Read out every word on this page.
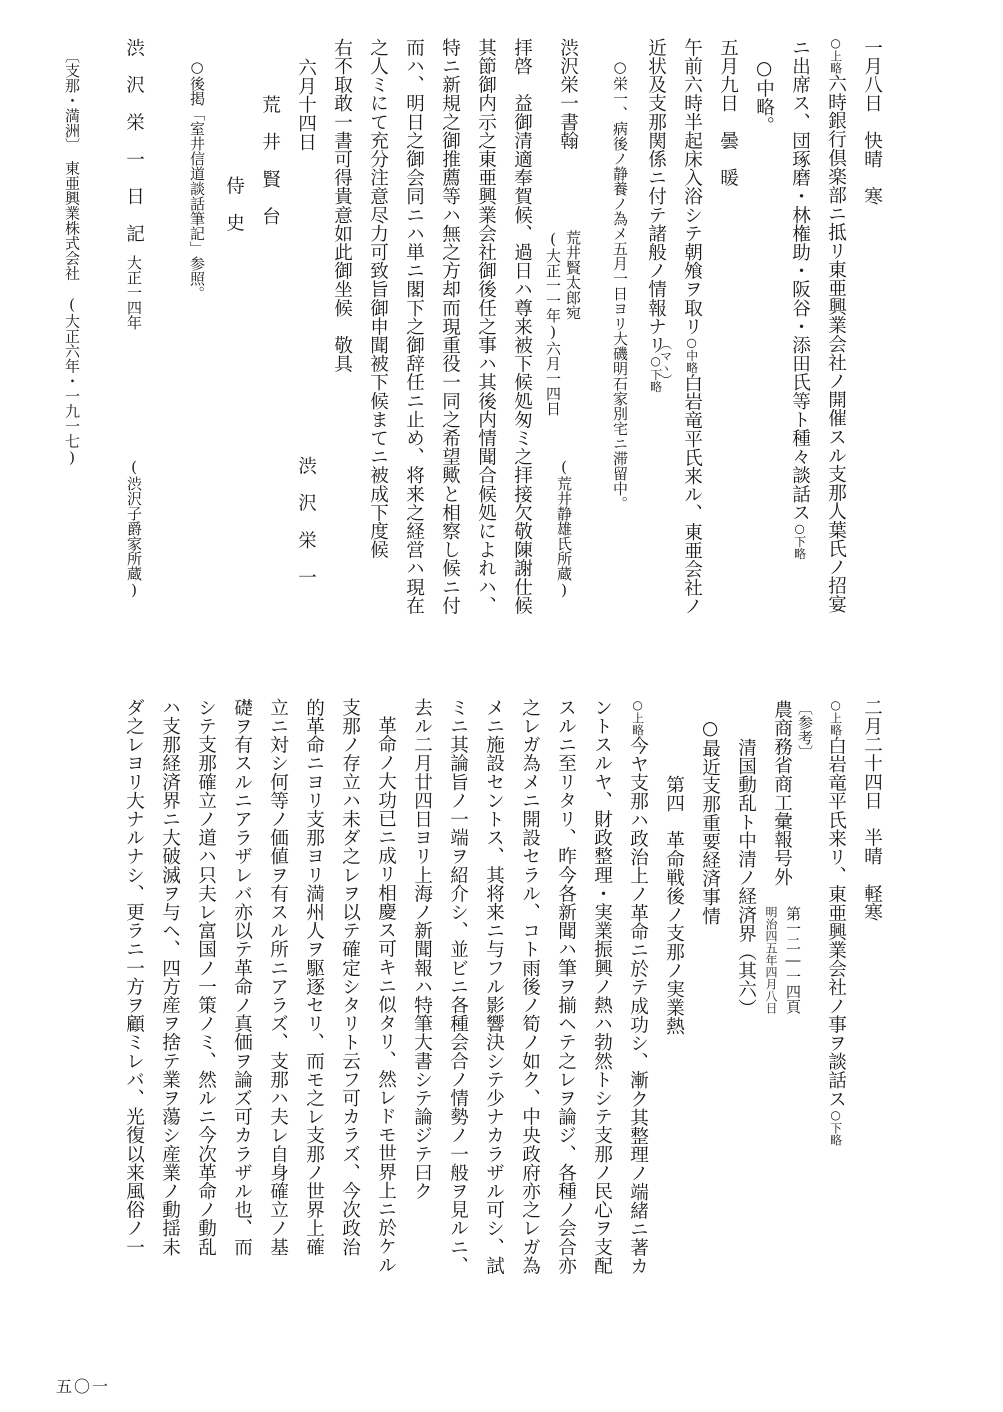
一月八日　快晴　寒
○上略六時銀行倶楽部ニ抵リ東亜興業会社ノ開催スル支那人葉氏ノ招宴
ニ出席ス、団琢磨・林権助・阪谷・添田氏等ト種々談話ス○下略
○中略。
五月九日　曇　暖
午前六時半起床入浴シテ朝飧ヲ取リ○中略白岩竜平氏来ル、東亜会社ノ
（マヽ）
近状及支那関係ニ付テ諸般ノ情報ナリ○下略
○栄一、病後ノ静養ノ為メ五月一日ヨリ大磯明石家別宅ニ滞留中。
渋沢栄一書翰
荒井賢太郎宛
(大正一一年)六月一四日
(荒井静雄氏所蔵)
拝啓　益御清適奉賀候、過日ハ尊来被下候処匆ミ之拝接欠敬陳謝仕候
其節御内示之東亜興業会社御後任之事ハ其後内情聞合候処によれハ、
特ニ新規之御推薦等ハ無之方却而現重役一同之希望歟と相察し候ニ付
而ハ、明日之御会同ニハ単ニ閣下之御辞任ニ止め、将来之経営ハ現在
之人ミにて充分注意尽力可致旨御申聞被下候まてニ被成下度候
右不取敢一書可得貴意如此御坐候　敬具
六月十四日
渋　沢　栄　一
荒　井　賢　台
侍　史
○後掲「室井信道談話筆記」参照。
渋　沢　栄　一　日　記
大正一四年
(渋沢子爵家所蔵)
〔支那・満洲〕　東亜興業株式会社　(大正六年・一九一七)
二月二十四日　半晴　軽寒
○上略白岩竜平氏来リ、東亜興業会社ノ事ヲ談話ス○下略
〔参考〕
農商務省商工彙報号外
第一二―一四頁
明治四五年四月八日
清国動乱ト中清ノ経済界（其六）
○最近支那重要経済事情
第四　革命戦後ノ支那ノ実業熱
○上略今ヤ支那ハ政治上ノ革命ニ於テ成功シ、漸ク其整理ノ端緒ニ著カ
ントスルヤ、財政整理・実業振興ノ熱ハ勃然トシテ支那ノ民心ヲ支配
スルニ至リタリ、昨今各新聞ハ筆ヲ揃ヘテ之レヲ論ジ、各種ノ会合亦
之レガ為メニ開設セラル、コト雨後ノ筍ノ如ク、中央政府亦之レガ為
メニ施設セントス、其将来ニ与フル影響決シテ少ナカラザル可シ、試
ミニ其論旨ノ一端ヲ紹介シ、並ビニ各種会合ノ情勢ノ一般ヲ見ルニ、
去ル二月廿四日ヨリ上海ノ新聞報ハ特筆大書シテ論ジテ曰ク
革命ノ大功已ニ成リ相慶ス可キニ似タリ、然レドモ世界上ニ於ケル
支那ノ存立ハ未ダ之レヲ以テ確定シタリト云フ可カラズ、今次政治
的革命ニヨリ支那ヨリ満州人ヲ駆逐セリ、而モ之レ支那ノ世界上確
立ニ対シ何等ノ価値ヲ有スル所ニアラズ、支那ハ夫レ自身確立ノ基
礎ヲ有スルニアラザレバ亦以テ革命ノ真価ヲ論ズ可カラザル也、而
シテ支那確立ノ道ハ只夫レ富国ノ一策ノミ、然ルニ今次革命ノ動乱
ハ支那経済界ニ大破滅ヲ与ヘ、四方産ヲ捨テ業ヲ蕩シ産業ノ動揺未
ダ之レヨリ大ナルナシ、更ラニ一方ヲ顧ミレバ、光復以来風俗ノ一
五〇一
